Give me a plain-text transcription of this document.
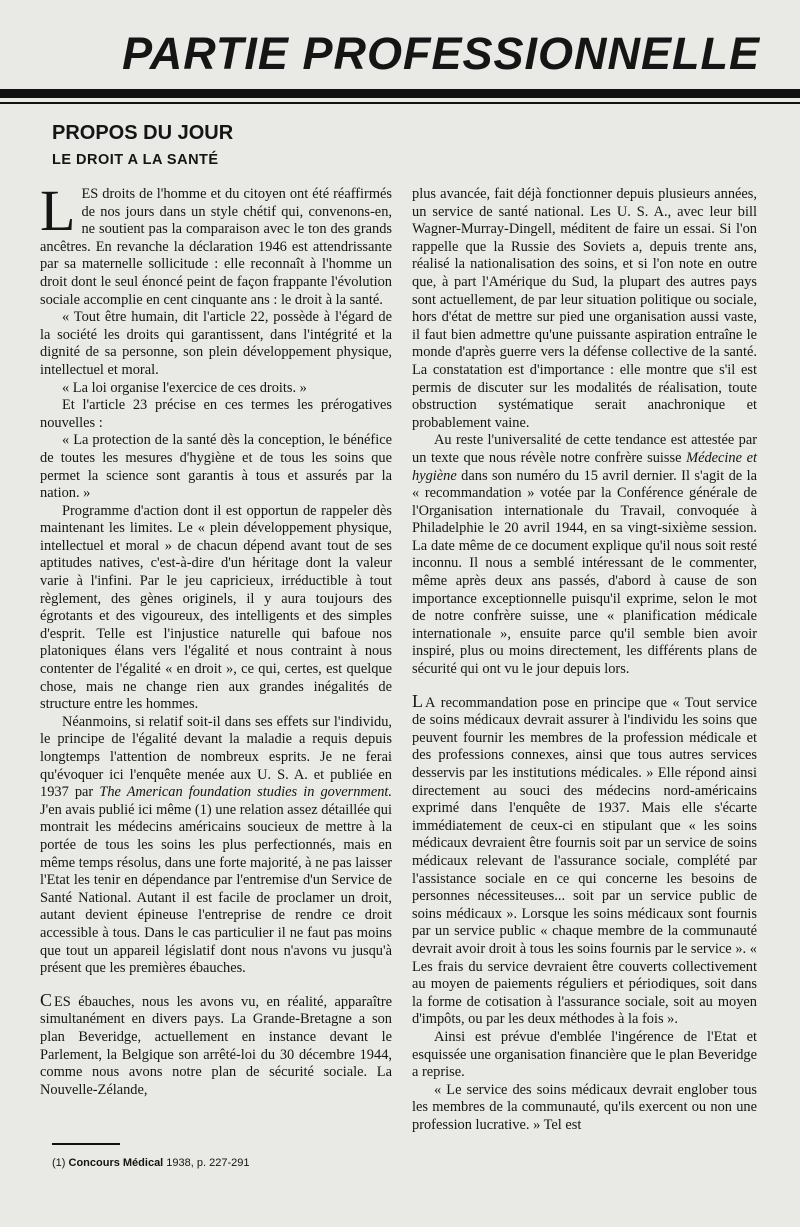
PARTIE PROFESSIONNELLE
PROPOS DU JOUR
LE DROIT A LA SANTÉ

LES droits de l'homme et du citoyen ont été réaffirmés de nos jours dans un style chétif qui, convenons-en, ne soutient pas la comparaison avec le ton des grands ancêtres. En revanche la déclaration 1946 est attendrissante par sa maternelle sollicitude : elle reconnaît à l'homme un droit dont le seul énoncé peint de façon frappante l'évolution sociale accomplie en cent cinquante ans : le droit à la santé.

« Tout être humain, dit l'article 22, possède à l'égard de la société les droits qui garantissent, dans l'intégrité et la dignité de sa personne, son plein développement physique, intellectuel et moral.

« La loi organise l'exercice de ces droits. »

Et l'article 23 précise en ces termes les prérogatives nouvelles :

« La protection de la santé dès la conception, le bénéfice de toutes les mesures d'hygiène et de tous les soins que permet la science sont garantis à tous et assurés par la nation. »

Programme d'action dont il est opportun de rappeler dès maintenant les limites. Le « plein développement physique, intellectuel et moral » de chacun dépend avant tout de ses aptitudes natives, c'est-à-dire d'un héritage dont la valeur varie à l'infini. Par le jeu capricieux, irréductible à tout règlement, des gènes originels, il y aura toujours des égrotants et des vigoureux, des intelligents et des simples d'esprit. Telle est l'injustice naturelle qui bafoue nos platoniques élans vers l'égalité et nous contraint à nous contenter de l'égalité « en droit », ce qui, certes, est quelque chose, mais ne change rien aux grandes inégalités de structure entre les hommes.

Néanmoins, si relatif soit-il dans ses effets sur l'individu, le principe de l'égalité devant la maladie a requis depuis longtemps l'attention de nombreux esprits. Je ne ferai qu'évoquer ici l'enquête menée aux U. S. A. et publiée en 1937 par The American foundation studies in government. J'en avais publié ici même (1) une relation assez détaillée qui montrait les médecins américains soucieux de mettre à la portée de tous les soins les plus perfectionnés, mais en même temps résolus, dans une forte majorité, à ne pas laisser l'Etat les tenir en dépendance par l'entremise d'un Service de Santé National. Autant il est facile de proclamer un droit, autant devient épineuse l'entreprise de rendre ce droit accessible à tous. Dans le cas particulier il ne faut pas moins que tout un appareil législatif dont nous n'avons vu jusqu'à présent que les premières ébauches.

C ES ébauches, nous les avons vu, en réalité, apparaître simultanément en divers pays. La Grande-Bretagne a son plan Beveridge, actuellement en instance devant le Parlement, la Belgique son arrêté-loi du 30 décembre 1944, comme nous avons notre plan de sécurité sociale. La Nouvelle-Zélande,

plus avancée, fait déjà fonctionner depuis plusieurs années, un service de santé national. Les U. S. A., avec leur bill Wagner-Murray-Dingell, méditent de faire un essai. Si l'on rappelle que la Russie des Soviets a, depuis trente ans, réalisé la nationalisation des soins, et si l'on note en outre que, à part l'Amérique du Sud, la plupart des autres pays sont actuellement, de par leur situation politique ou sociale, hors d'état de mettre sur pied une organisation aussi vaste, il faut bien admettre qu'une puissante aspiration entraîne le monde d'après guerre vers la défense collective de la santé. La constatation est d'importance : elle montre que s'il est permis de discuter sur les modalités de réalisation, toute obstruction systématique serait anachronique et probablement vaine.

Au reste l'universalité de cette tendance est attestée par un texte que nous révèle notre confrère suisse Médecine et hygiène dans son numéro du 15 avril dernier. Il s'agit de la « recommandation » votée par la Conférence générale de l'Organisation internationale du Travail, convoquée à Philadelphie le 20 avril 1944, en sa vingt-sixième session. La date même de ce document explique qu'il nous soit resté inconnu. Il nous a semblé intéressant de le commenter, même après deux ans passés, d'abord à cause de son importance exceptionnelle puisqu'il exprime, selon le mot de notre confrère suisse, une « planification médicale internationale », ensuite parce qu'il semble bien avoir inspiré, plus ou moins directement, les différents plans de sécurité qui ont vu le jour depuis lors.

L A recommandation pose en principe que « Tout service de soins médicaux devrait assurer à l'individu les soins que peuvent fournir les membres de la profession médicale et des professions connexes, ainsi que tous autres services desservis par les institutions médicales. » Elle répond ainsi directement au souci des médecins nord-américains exprimé dans l'enquête de 1937. Mais elle s'écarte immédiatement de ceux-ci en stipulant que « les soins médicaux devraient être fournis soit par un service de soins médicaux relevant de l'assurance sociale, complété par l'assistance sociale en ce qui concerne les besoins de personnes nécessiteuses... soit par un service public de soins médicaux ». Lorsque les soins médicaux sont fournis par un service public « chaque membre de la communauté devrait avoir droit à tous les soins fournis par le service ». « Les frais du service devraient être couverts collectivement au moyen de paiements réguliers et périodiques, soit dans la forme de cotisation à l'assurance sociale, soit au moyen d'impôts, ou par les deux méthodes à la fois ».

Ainsi est prévue d'emblée l'ingérence de l'Etat et esquissée une organisation financière que le plan Beveridge a reprise.

« Le service des soins médicaux devrait englober tous les membres de la communauté, qu'ils exercent ou non une profession lucrative. » Tel est

(1) Concours Médical 1938, p. 227-291
